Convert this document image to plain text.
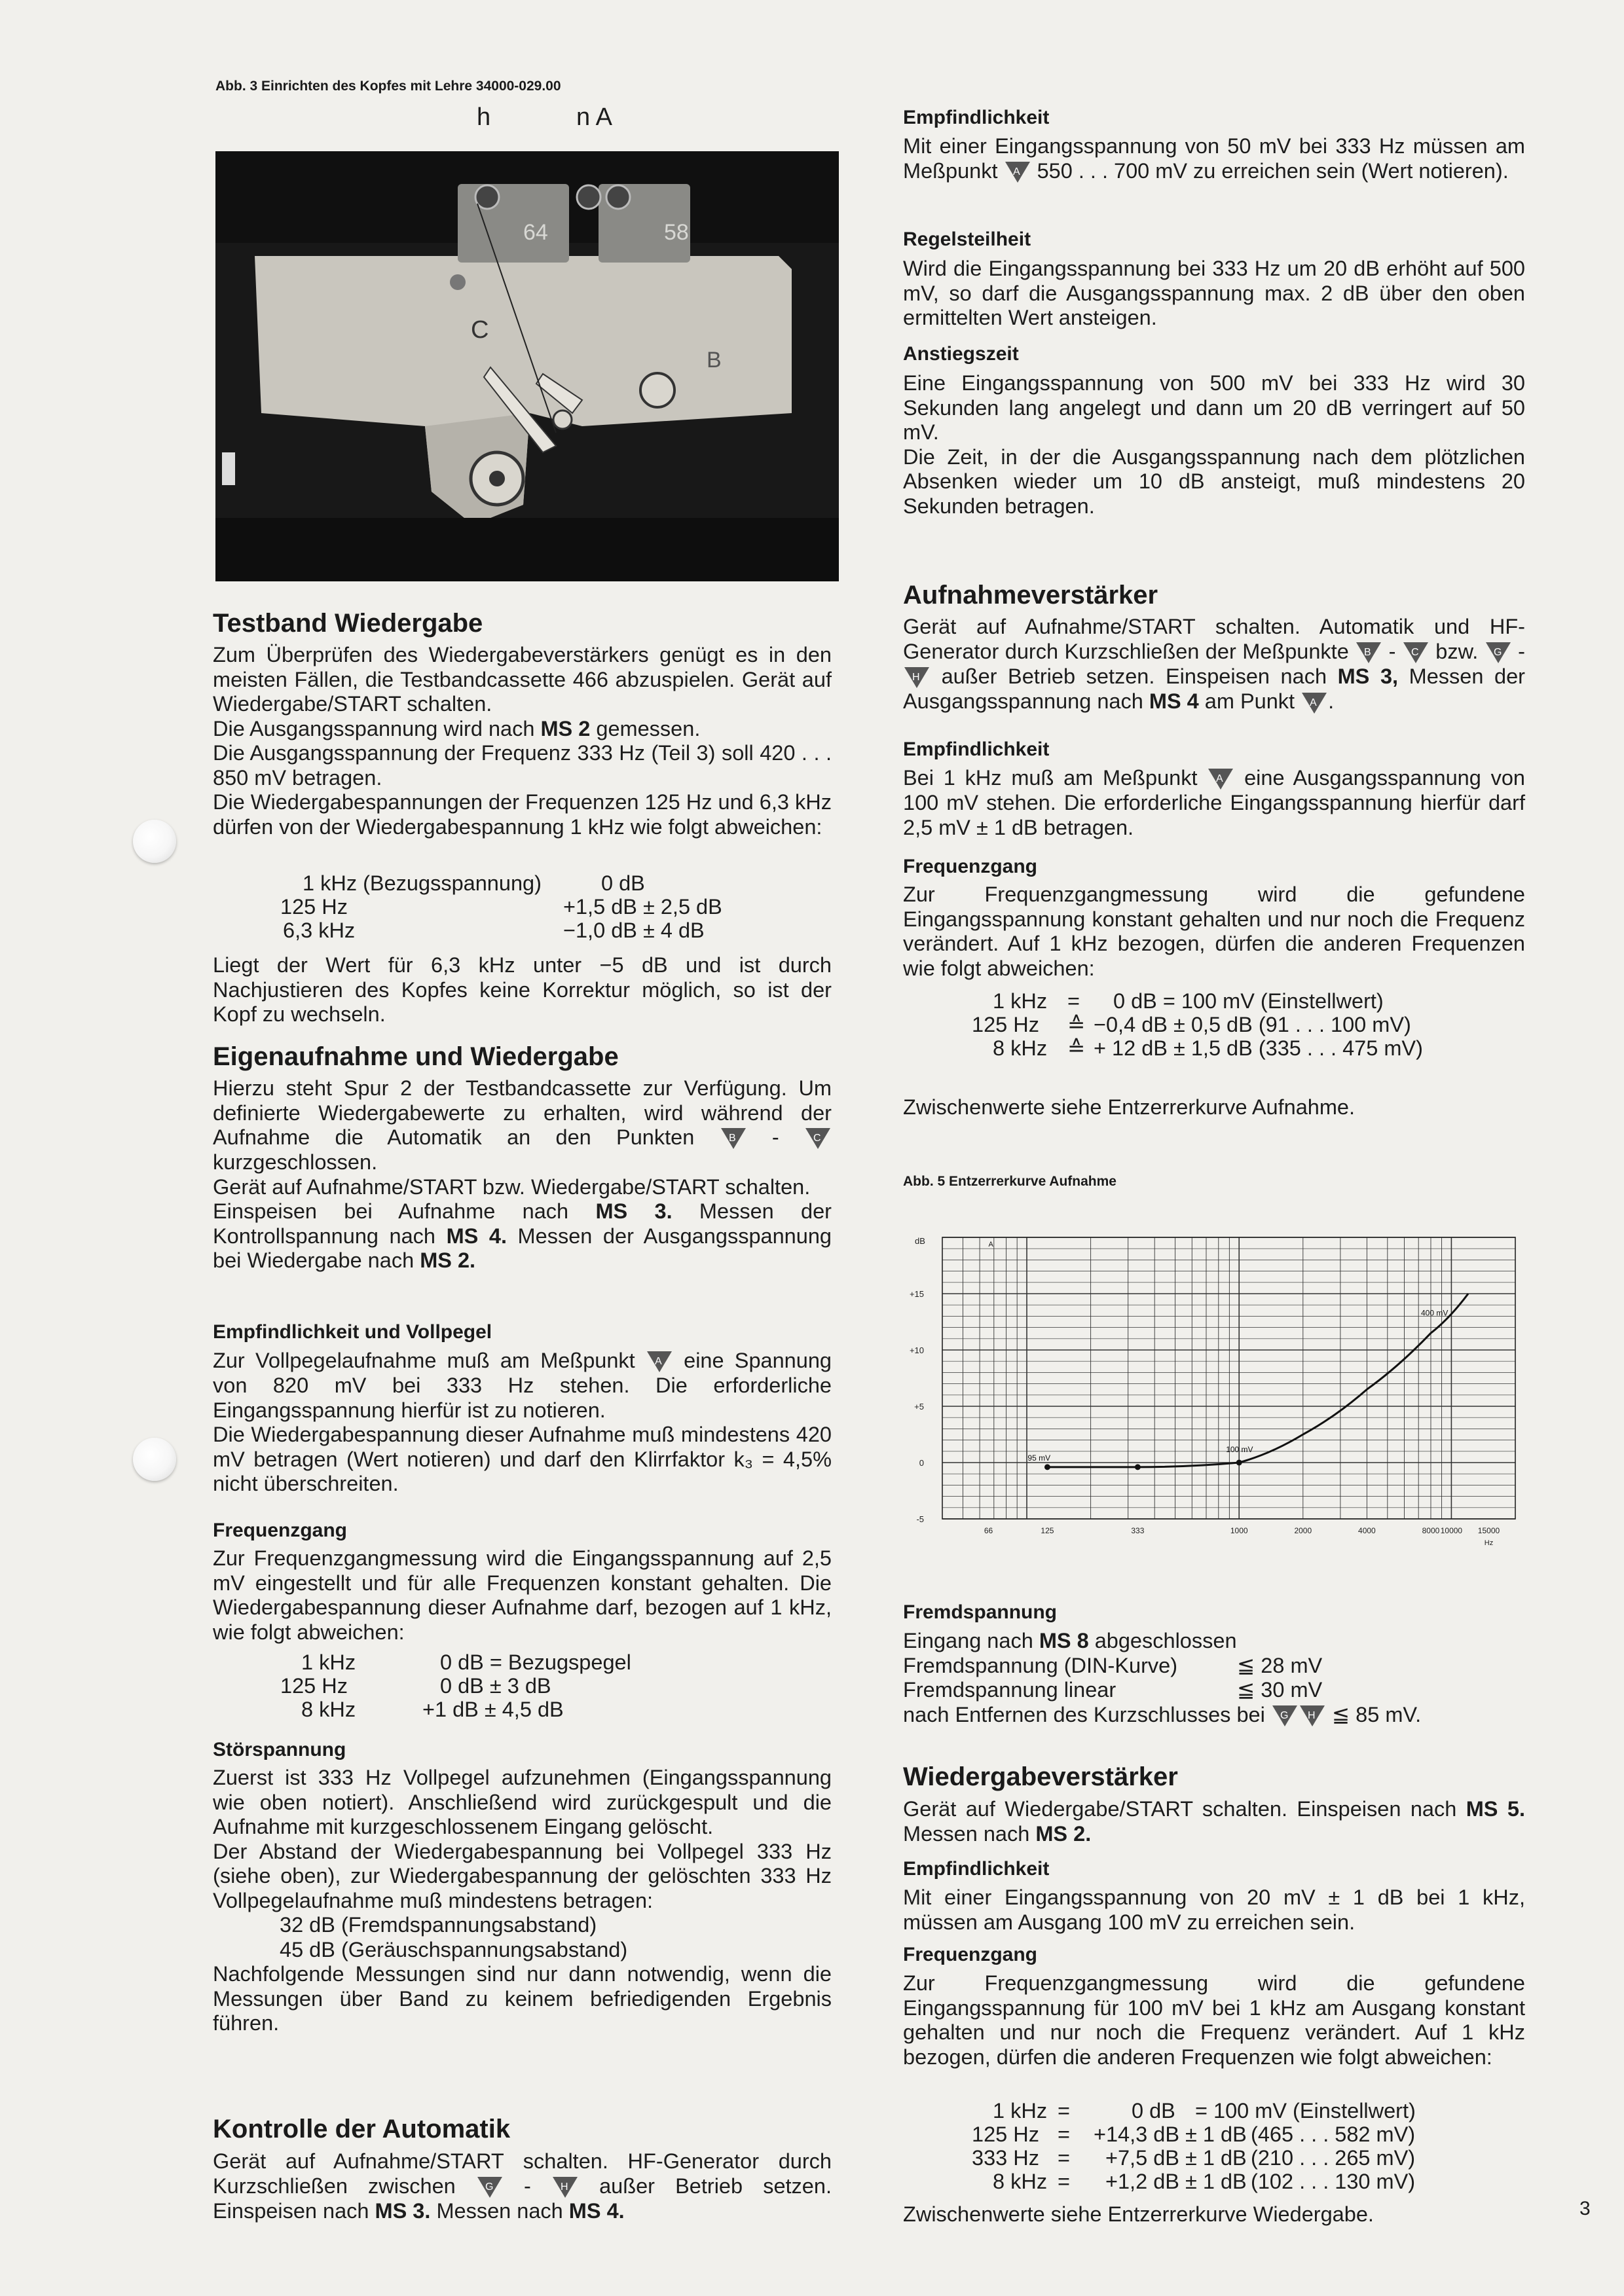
Abb. 3 Einrichten des Kopfes mit Lehre 34000-029.00
64	58
C
B
h	n A
Testband Wiedergabe

Zum Überprüfen des Wiedergabeverstärkers genügt es in den meisten Fällen, die Testbandcassette 466 abzuspielen. Gerät auf Wiedergabe/START schalten.

Die Ausgangsspannung wird nach MS 2 gemessen.

Die Ausgangsspannung der Frequenz 333 Hz (Teil 3) soll 420 . . . 850 mV betragen.

Die Wiedergabespannungen der Frequenzen 125 Hz und 6,3 kHz dürfen von der Wiedergabespannung 1 kHz wie folgt abweichen:

1 kHz (Bezugsspannung)	0 dB
125 Hz	+1,5 dB ± 2,5 dB
6,3 kHz	−1,0 dB ± 4 dB
Liegt der Wert für 6,3 kHz unter −5 dB und ist durch Nachjustieren des Kopfes keine Korrektur möglich, so ist der Kopf zu wechseln.
Eigenaufnahme und Wiedergabe

Hierzu steht Spur 2 der Testbandcassette zur Verfügung. Um definierte Wiedergabewerte zu erhalten, wird während der Aufnahme die Automatik an den Punkten B - C
kurzgeschlossen.

Gerät auf Aufnahme/START bzw. Wiedergabe/START schalten.

Einspeisen bei Aufnahme nach MS 3. Messen der Kontrollspannung nach MS 4. Messen der Ausgangsspannung bei Wiedergabe nach MS 2.

Empfindlichkeit und Vollpegel

Zur Vollpegelaufnahme muß am Meßpunkt A eine Spannung von 820 mV bei 333 Hz stehen. Die erforderliche Eingangsspannung hierfür ist zu notieren.

Die Wiedergabespannung dieser Aufnahme muß mindestens 420 mV betragen (Wert notieren) und darf den Klirrfaktor k₃ = 4,5% nicht überschreiten.

Frequenzgang
Zur Frequenzgangmessung wird die Eingangsspannung auf 2,5 mV eingestellt und für alle Frequenzen konstant gehalten. Die Wiedergabespannung dieser Aufnahme darf, bezogen auf 1 kHz, wie folgt abweichen:
1 kHz	0 dB = Bezugspegel
125 Hz	0 dB ± 3 dB
8 kHz	+1 dB ± 4,5 dB
Störspannung

Zuerst ist 333 Hz Vollpegel aufzunehmen (Eingangsspannung wie oben notiert). Anschließend wird zurückgespult und die Aufnahme mit kurzgeschlossenem Eingang gelöscht.

Der Abstand der Wiedergabespannung bei Vollpegel 333 Hz (siehe oben), zur Wiedergabespannung der gelöschten 333 Hz Vollpegelaufnahme muß mindestens betragen:

32 dB (Fremdspannungsabstand)

45 dB (Geräuschspannungsabstand)

Nachfolgende Messungen sind nur dann notwendig, wenn die Messungen über Band zu keinem befriedigenden Ergebnis führen.

Kontrolle der Automatik

Gerät auf Aufnahme/START schalten. HF-Generator durch Kurzschließen zwischen G - H außer Betrieb setzen. Einspeisen nach MS 3. Messen nach MS 4.

Empfindlichkeit

Mit einer Eingangsspannung von 50 mV bei 333 Hz müssen am Meßpunkt A 550 . . . 700 mV zu erreichen sein (Wert notieren).

Regelsteilheit
Wird die Eingangsspannung bei 333 Hz um 20 dB erhöht auf 500 mV, so darf die Ausgangsspannung max. 2 dB über den oben ermittelten Wert ansteigen.
Anstiegszeit

Eine Eingangsspannung von 500 mV bei 333 Hz wird 30 Sekunden lang angelegt und dann um 20 dB verringert auf 50 mV.

Die Zeit, in der die Ausgangsspannung nach dem plötzlichen Absenken wieder um 10 dB ansteigt, muß mindestens 20 Sekunden betragen.

Aufnahmeverstärker

Gerät auf Aufnahme/START schalten. Automatik und HF-Generator durch Kurzschließen der Meßpunkte B - C bzw. G -
H außer Betrieb setzen. Einspeisen nach MS 3, Messen der Ausgangsspannung nach MS 4 am Punkt A .

Empfindlichkeit

Bei 1 kHz muß am Meßpunkt A eine Ausgangsspannung von 100 mV stehen. Die erforderliche Eingangsspannung hierfür darf 2,5 mV ± 1 dB betragen.

Frequenzgang
Zur Frequenzgangmessung wird die gefundene Eingangsspannung konstant gehalten und nur noch die Frequenz verändert. Auf 1 kHz bezogen, dürfen die anderen Frequenzen wie folgt abweichen:
1 kHz = 0 dB = 100 mV (Einstellwert)
125 Hz ≙ −0,4 dB ± 0,5 dB (91 . . . 100 mV)
8 kHz ≙ + 12 dB ± 1,5 dB (335 . . . 475 mV)
Zwischenwerte siehe Entzerrerkurve Aufnahme.
Abb. 5 Entzerrerkurve Aufnahme
+15
+10
+5
0
-5
dB
66	125	333	1000	2000	4000	8000 10000 15000
Hz
95 mV
100 mV
400 mV
A
Fremdspannung

Eingang nach MS 8 abgeschlossen

Fremdspannung (DIN-Kurve)	≦ 28 mV

Fremdspannung linear	≦ 30 mV

nach Entfernen des Kurzschlusses bei G H ≦ 85 mV.

Wiedergabeverstärker

Gerät auf Wiedergabe/START schalten. Einspeisen nach MS 5. Messen nach MS 2.

Empfindlichkeit
Mit einer Eingangsspannung von 20 mV ± 1 dB bei 1 kHz, müssen am Ausgang 100 mV zu erreichen sein.
Frequenzgang
Zur Frequenzgangmessung wird die gefundene Eingangsspannung für 100 mV bei 1 kHz am Ausgang konstant gehalten und nur noch die Frequenz verändert. Auf 1 kHz bezogen, dürfen die anderen Frequenzen wie folgt abweichen:
1 kHz =	0 dB = 100 mV (Einstellwert)
125 Hz = +14,3 dB ± 1 dB (465 . . . 582 mV)
333 Hz = +7,5 dB ± 1 dB (210 . . . 265 mV)
8 kHz = +1,2 dB ± 1 dB (102 . . . 130 mV)
Zwischenwerte siehe Entzerrerkurve Wiedergabe.	3
